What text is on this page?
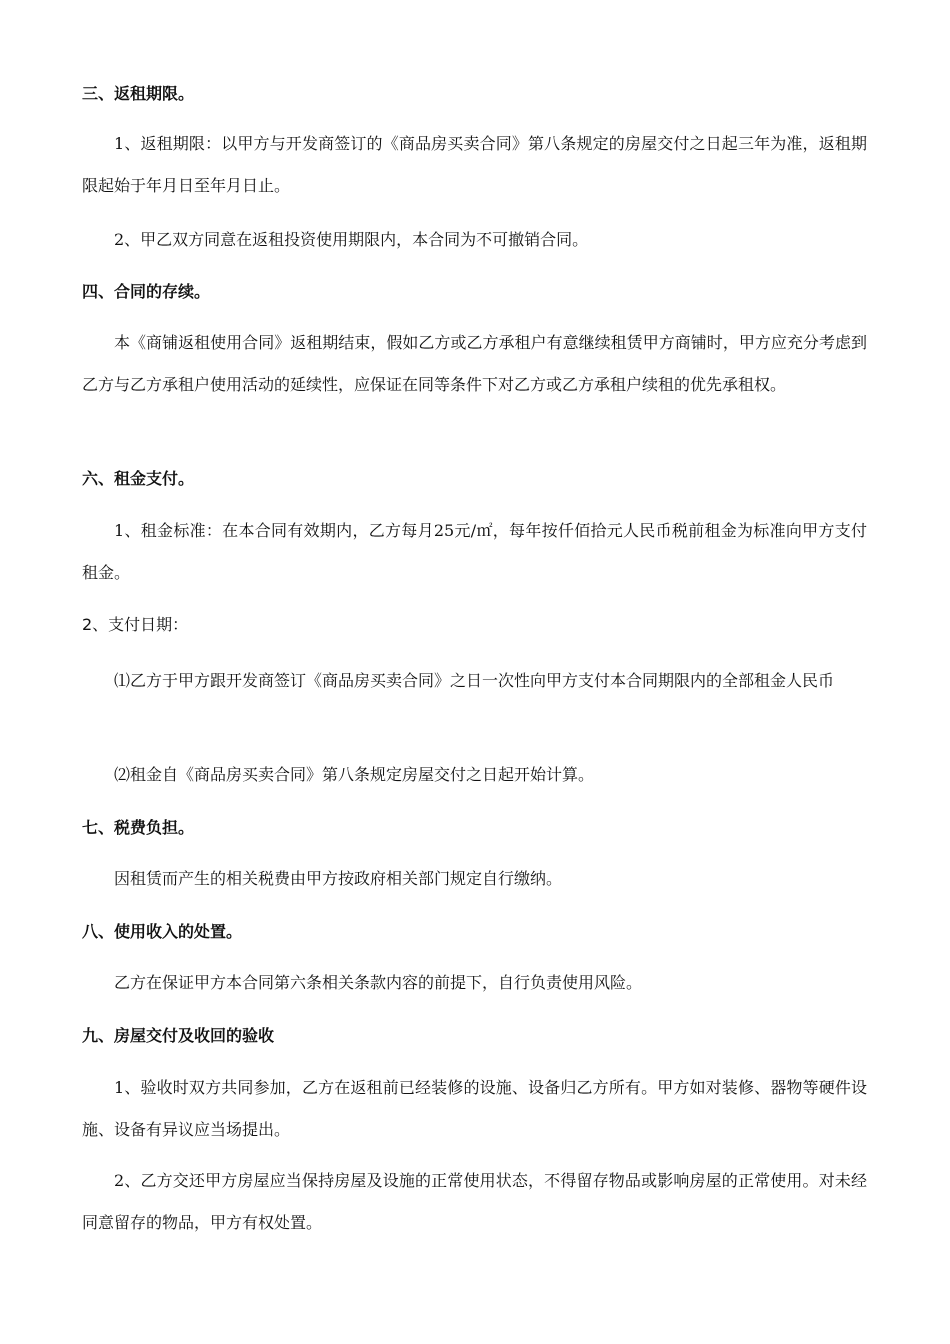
三、返租期限。

1、返租期限：以甲方与开发商签订的《商品房买卖合同》第八条规定的房屋交付之日起三年为准，返租期限起始于年月日至年月日止。

2、甲乙双方同意在返租投资使用期限内，本合同为不可撤销合同。

四、合同的存续。

本《商铺返租使用合同》返租期结束，假如乙方或乙方承租户有意继续租赁甲方商铺时，甲方应充分考虑到乙方与乙方承租户使用活动的延续性，应保证在同等条件下对乙方或乙方承租户续租的优先承租权。

六、租金支付。

1、租金标准：在本合同有效期内，乙方每月25元/㎡，每年按仟佰拾元人民币税前租金为标准向甲方支付租金。

2、支付日期：

⑴乙方于甲方跟开发商签订《商品房买卖合同》之日一次性向甲方支付本合同期限内的全部租金人民币

⑵租金自《商品房买卖合同》第八条规定房屋交付之日起开始计算。

七、税费负担。

因租赁而产生的相关税费由甲方按政府相关部门规定自行缴纳。

八、使用收入的处置。

乙方在保证甲方本合同第六条相关条款内容的前提下，自行负责使用风险。

九、房屋交付及收回的验收

1、验收时双方共同参加，乙方在返租前已经装修的设施、设备归乙方所有。甲方如对装修、器物等硬件设施、设备有异议应当场提出。

2、乙方交还甲方房屋应当保持房屋及设施的正常使用状态，不得留存物品或影响房屋的正常使用。对未经同意留存的物品，甲方有权处置。
